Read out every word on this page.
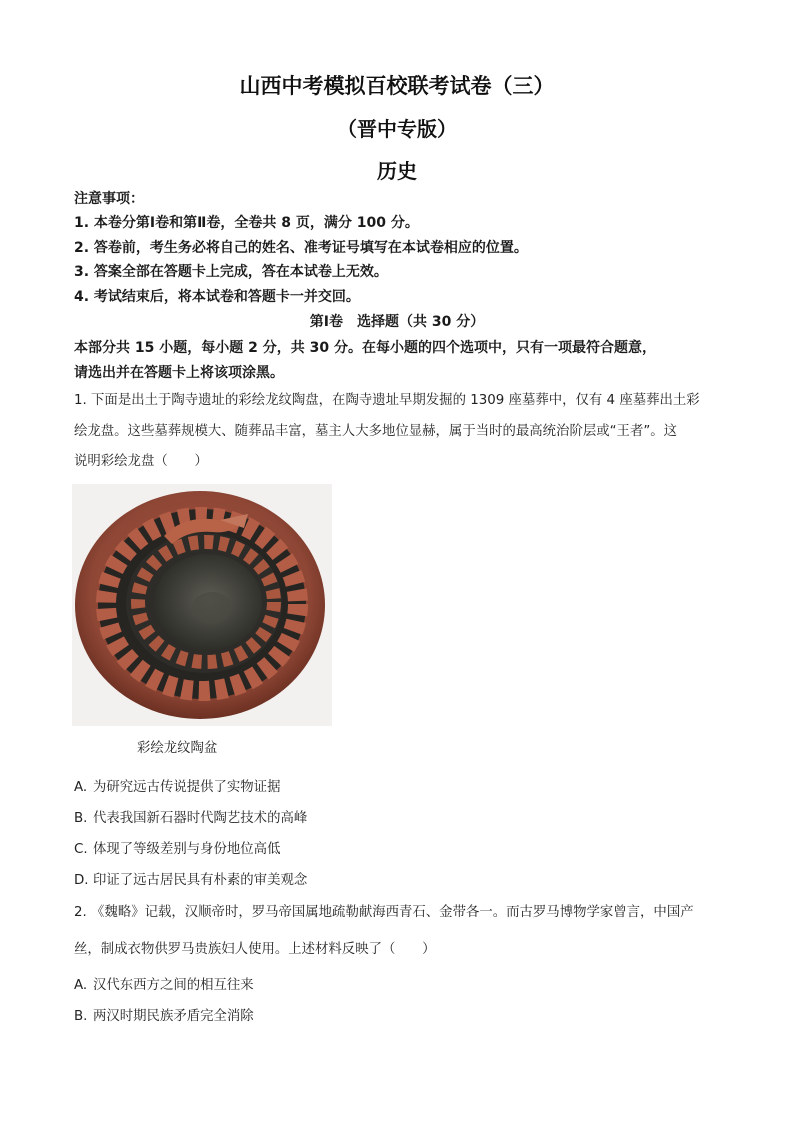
山西中考模拟百校联考试卷（三）
（晋中专版）
历史
注意事项：
1. 本卷分第Ⅰ卷和第Ⅱ卷，全卷共 8 页，满分 100 分。
2. 答卷前，考生务必将自己的姓名、准考证号填写在本试卷相应的位置。
3. 答案全部在答题卡上完成，答在本试卷上无效。
4. 考试结束后，将本试卷和答题卡一并交回。
第Ⅰ卷　选择题（共 30 分）
本部分共 15 小题，每小题 2 分，共 30 分。在每小题的四个选项中，只有一项最符合题意，
请选出并在答题卡上将该项涂黑。
1. 下面是出土于陶寺遗址的彩绘龙纹陶盘，在陶寺遗址早期发掘的 1309 座墓葬中，仅有 4 座墓葬出土彩
绘龙盘。这些墓葬规模大、随葬品丰富，墓主人大多地位显赫，属于当时的最高统治阶层或“王者”。这
说明彩绘龙盘（　　）
彩绘龙纹陶盆
A. 为研究远古传说提供了实物证据
B. 代表我国新石器时代陶艺技术的高峰
C. 体现了等级差别与身份地位高低
D. 印证了远古居民具有朴素的审美观念
2. 《魏略》记载，汉顺帝时，罗马帝国属地疏勒献海西青石、金带各一。而古罗马博物学家曾言，中国产
丝，制成衣物供罗马贵族妇人使用。上述材料反映了（　　）
A. 汉代东西方之间的相互往来
B. 两汉时期民族矛盾完全消除
